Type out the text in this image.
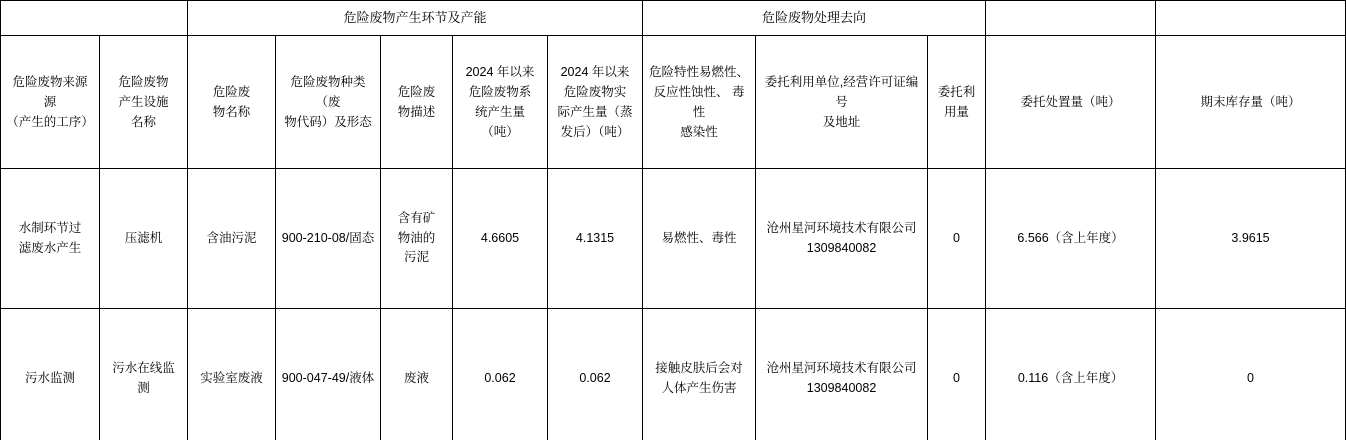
		危险废物产生环节及产能					危险废物处理去向				

危险废物来源
源
（产生的工序）	危险废物
产生设施
名称	危险废
物名称	危险废物种类（废
物代码）及形态	危险废
物描述	2024 年以来
危险废物系
统产生量
（吨）	2024 年以来
危险废物实
际产生量（蒸
发后）（吨）	危险特性易燃性、
反应性蚀性、 毒
性
感染性	委托利用单位,经营许可证编号
及地址	委托利
用量	委托处置量（吨）	期末库存量（吨）

水制环节过
滤废水产生	压滤机	含油污泥	900-210-08/固态	含有矿
物油的
污泥	4.6605	4.1315	易燃性、毒性	沧州星河环境技术有限公司
1309840082	0	6.566（含上年度）	3.9615
污水监测	污水在线监
测	实验室废液	900-047-49/液体	废液	0.062	0.062	接触皮肤后会对
人体产生伤害	沧州星河环境技术有限公司
1309840082	0	0.116（含上年度）	0
